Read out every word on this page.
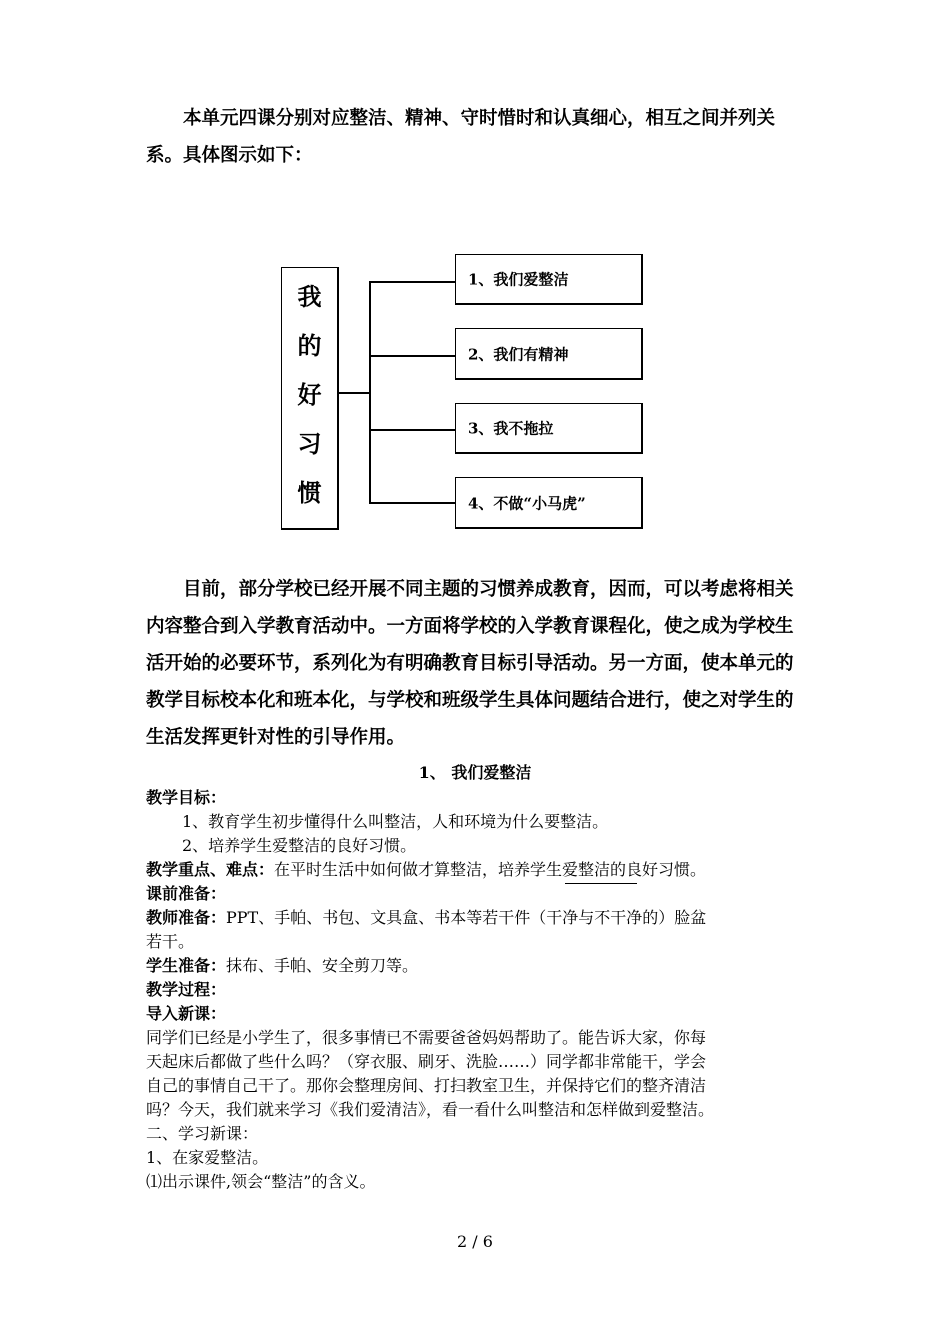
本单元四课分别对应整洁、精神、守时惜时和认真细心，相互之间并列关系。具体图示如下：

我
的
好
习
惯
1、我们爱整洁
2、我们有精神
3、我不拖拉
4、不做“小马虎”

目前，部分学校已经开展不同主题的习惯养成教育，因而，可以考虑将相关内容整合到入学教育活动中。一方面将学校的入学教育课程化，使之成为学校生活开始的必要环节，系列化为有明确教育目标引导活动。另一方面，使本单元的教学目标校本化和班本化，与学校和班级学生具体问题结合进行，使之对学生的生活发挥更针对性的引导作用。

1、 我们爱整洁
教学目标：
1、教育学生初步懂得什么叫整洁，人和环境为什么要整洁。
2、培养学生爱整洁的良好习惯。
教学重点、难点：在平时生活中如何做才算整洁，培养学生爱整洁的良好习惯。
课前准备：
教师准备：PPT、手帕、书包、文具盒、书本等若干件（干净与不干净的）脸盆
若干。
学生准备：抹布、手帕、安全剪刀等。
教学过程：
导入新课：
同学们已经是小学生了，很多事情已不需要爸爸妈妈帮助了。能告诉大家，你每
天起床后都做了些什么吗？（穿衣服、刷牙、洗脸……）同学都非常能干，学会
自己的事情自己干了。那你会整理房间、打扫教室卫生，并保持它们的整齐清洁
吗？今天，我们就来学习《我们爱清洁》，看一看什么叫整洁和怎样做到爱整洁。
二、学习新课：
1、在家爱整洁。
⑴出示课件,领会“整洁”的含义。
2 / 6
